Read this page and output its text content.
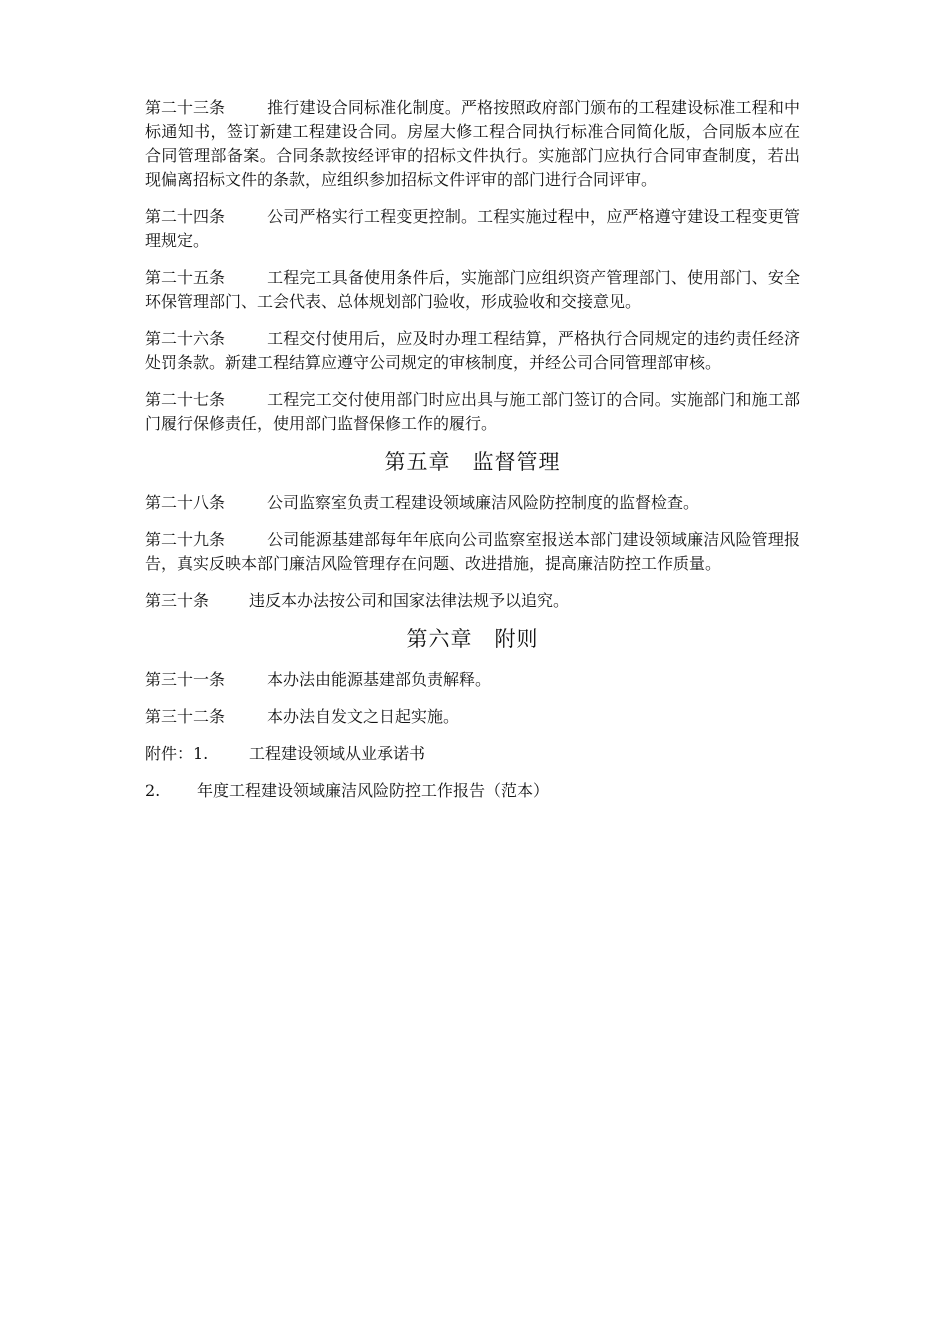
第二十三条	推行建设合同标准化制度。严格按照政府部门颁布的工程建设标准工程和中标通知书，签订新建工程建设合同。房屋大修工程合同执行标准合同简化版，合同版本应在合同管理部备案。合同条款按经评审的招标文件执行。实施部门应执行合同审查制度，若出现偏离招标文件的条款，应组织参加招标文件评审的部门进行合同评审。

第二十四条	公司严格实行工程变更控制。工程实施过程中，应严格遵守建设工程变更管理规定。

第二十五条	工程完工具备使用条件后，实施部门应组织资产管理部门、使用部门、安全环保管理部门、工会代表、总体规划部门验收，形成验收和交接意见。

第二十六条	工程交付使用后，应及时办理工程结算，严格执行合同规定的违约责任经济处罚条款。新建工程结算应遵守公司规定的审核制度，并经公司合同管理部审核。

第二十七条	工程完工交付使用部门时应出具与施工部门签订的合同。实施部门和施工部门履行保修责任，使用部门监督保修工作的履行。

第五章 监督管理

第二十八条	公司监察室负责工程建设领域廉洁风险防控制度的监督检查。

第二十九条	公司能源基建部每年年底向公司监察室报送本部门建设领域廉洁风险管理报告，真实反映本部门廉洁风险管理存在问题、改进措施，提高廉洁防控工作质量。

第三十条 违反本办法按公司和国家法律法规予以追究。

第六章 附则

第三十一条	本办法由能源基建部负责解释。

第三十二条	本办法自发文之日起实施。

附件：1.	工程建设领域从业承诺书

2. 年度工程建设领域廉洁风险防控工作报告（范本）
